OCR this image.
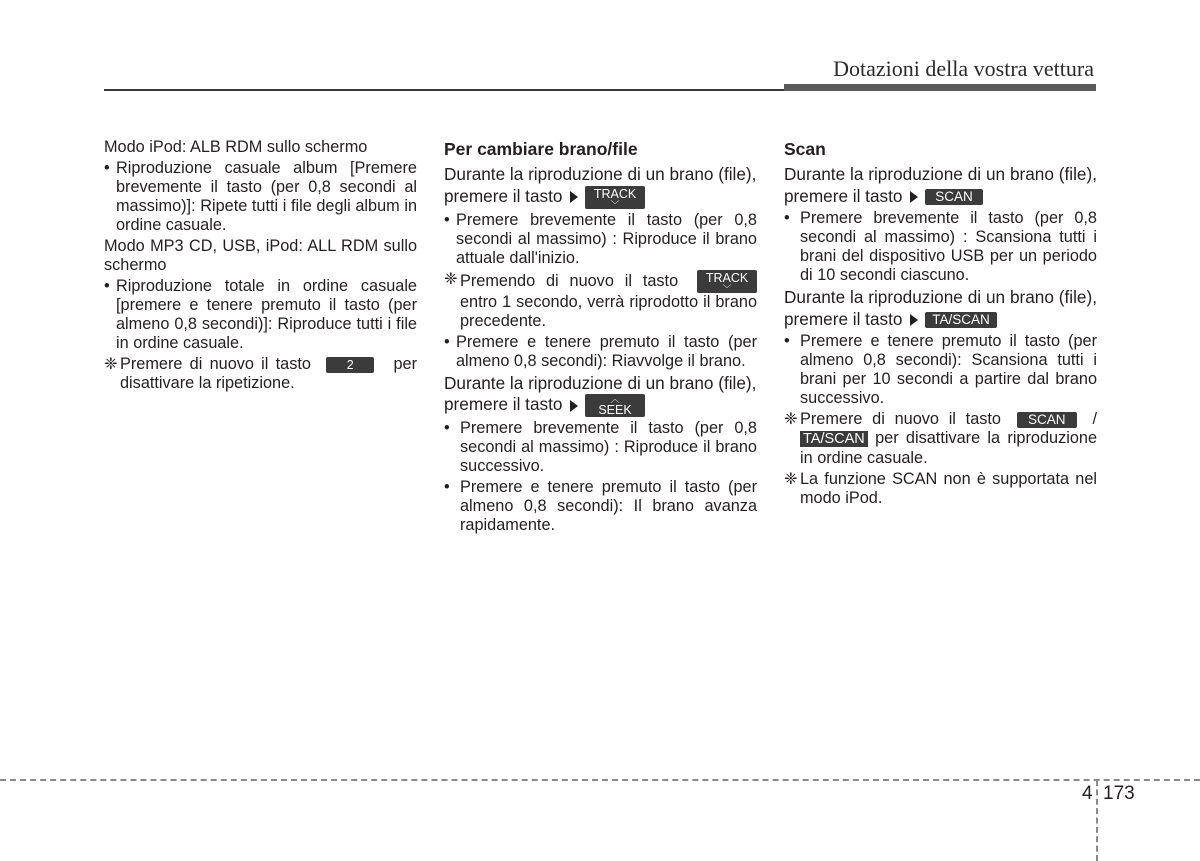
Dotazioni della vostra vettura

Modo iPod: ALB RDM sullo schermo

• Riproduzione casuale album [Premere brevemente il tasto (per 0,8 secondi al massimo)]: Ripete tutti i file degli album in ordine casuale.

Modo MP3 CD, USB, iPod: ALL RDM sullo schermo

• Riproduzione totale in ordine casuale [premere e tenere premuto il tasto (per almeno 0,8 secondi)]: Riproduce tutti i file in ordine casuale.
❈ Premere di nuovo il tasto	2 per disattivare la ripetizione.
Per cambiare brano/file

Durante la riproduzione di un brano (file), premere il tasto	TRACK
﹀

• Premere brevemente il tasto (per 0,8 secondi al massimo) : Riproduce il brano attuale dall'inizio.
❈ Premendo di nuovo il tasto	TRACK
﹀
entro 1 secondo, verrà riprodotto il brano precedente.
• Premere e tenere premuto il tasto (per almeno 0,8 secondi): Riavvolge il brano.

Durante la riproduzione di un brano (file), premere il tasto	︿
SEEK

• Premere brevemente il tasto (per 0,8 secondi al massimo) : Riproduce il brano successivo.
• Premere e tenere premuto il tasto (per almeno 0,8 secondi): Il brano avanza rapidamente.
Scan

Durante la riproduzione di un brano (file), premere il tasto SCAN

• Premere brevemente il tasto (per 0,8 secondi al massimo) : Scansiona tutti i brani del dispositivo USB per un periodo di 10 secondi ciascuno.

Durante la riproduzione di un brano (file), premere il tasto TA/SCAN

• Premere e tenere premuto il tasto (per almeno 0,8 secondi): Scansiona tutti i brani per 10 secondi a partire dal brano successivo.
❈ Premere di nuovo il tasto SCAN / TA/SCAN per disattivare la riproduzione in ordine casuale.
❈ La funzione SCAN non è supportata nel modo iPod.
4 173
